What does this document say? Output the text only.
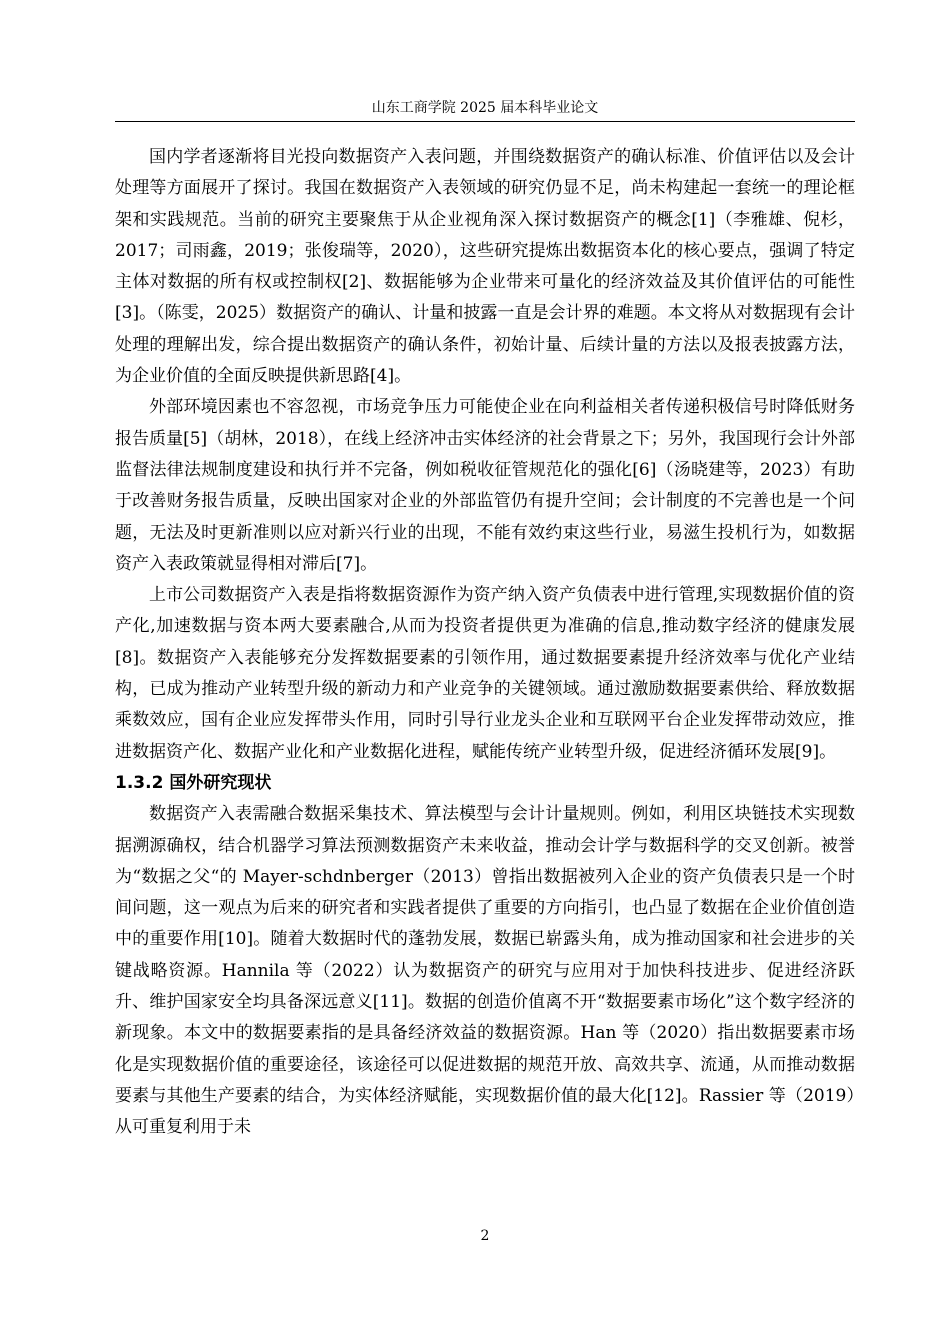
山东工商学院 2025 届本科毕业论文

国内学者逐渐将目光投向数据资产入表问题，并围绕数据资产的确认标准、价值评估以及会计处理等方面展开了探讨。我国在数据资产入表领域的研究仍显不足，尚未构建起一套统一的理论框架和实践规范。当前的研究主要聚焦于从企业视角深入探讨数据资产的概念[1]（李雅雄、倪杉，2017；司雨鑫，2019；张俊瑞等，2020），这些研究提炼出数据资本化的核心要点，强调了特定主体对数据的所有权或控制权[2]、数据能够为企业带来可量化的经济效益及其价值评估的可能性[3]。（陈雯，2025）数据资产的确认、计量和披露一直是会计界的难题。本文将从对数据现有会计处理的理解出发，综合提出数据资产的确认条件，初始计量、后续计量的方法以及报表披露方法，为企业价值的全面反映提供新思路[4]。

外部环境因素也不容忽视，市场竞争压力可能使企业在向利益相关者传递积极信号时降低财务报告质量[5]（胡林，2018），在线上经济冲击实体经济的社会背景之下；另外，我国现行会计外部监督法律法规制度建设和执行并不完备，例如税收征管规范化的强化[6]（汤晓建等，2023）有助于改善财务报告质量，反映出国家对企业的外部监管仍有提升空间；会计制度的不完善也是一个问题，无法及时更新准则以应对新兴行业的出现，不能有效约束这些行业，易滋生投机行为，如数据资产入表政策就显得相对滞后[7]。

上市公司数据资产入表是指将数据资源作为资产纳入资产负债表中进行管理,实现数据价值的资产化,加速数据与资本两大要素融合,从而为投资者提供更为准确的信息,推动数字经济的健康发展[8]。数据资产入表能够充分发挥数据要素的引领作用，通过数据要素提升经济效率与优化产业结构，已成为推动产业转型升级的新动力和产业竞争的关键领域。通过激励数据要素供给、释放数据乘数效应，国有企业应发挥带头作用，同时引导行业龙头企业和互联网平台企业发挥带动效应，推进数据资产化、数据产业化和产业数据化进程，赋能传统产业转型升级，促进经济循环发展[9]。

1.3.2 国外研究现状

数据资产入表需融合数据采集技术、算法模型与会计计量规则。例如，利用区块链技术实现数据溯源确权，结合机器学习算法预测数据资产未来收益，推动会计学与数据科学的交叉创新。被誉为“数据之父“的 Mayer-schdnberger（2013）曾指出数据被列入企业的资产负债表只是一个时间问题，这一观点为后来的研究者和实践者提供了重要的方向指引，也凸显了数据在企业价值创造中的重要作用[10]。随着大数据时代的蓬勃发展，数据已崭露头角，成为推动国家和社会进步的关键战略资源。Hannila 等（2022）认为数据资产的研究与应用对于加快科技进步、促进经济跃升、维护国家安全均具备深远意义[11]。数据的创造价值离不开“数据要素市场化”这个数字经济的新现象。本文中的数据要素指的是具备经济效益的数据资源。Han 等（2020）指出数据要素市场化是实现数据价值的重要途径，该途径可以促进数据的规范开放、高效共享、流通，从而推动数据要素与其他生产要素的结合，为实体经济赋能，实现数据价值的最大化[12]。Rassier 等（2019）从可重复利用于未

2
